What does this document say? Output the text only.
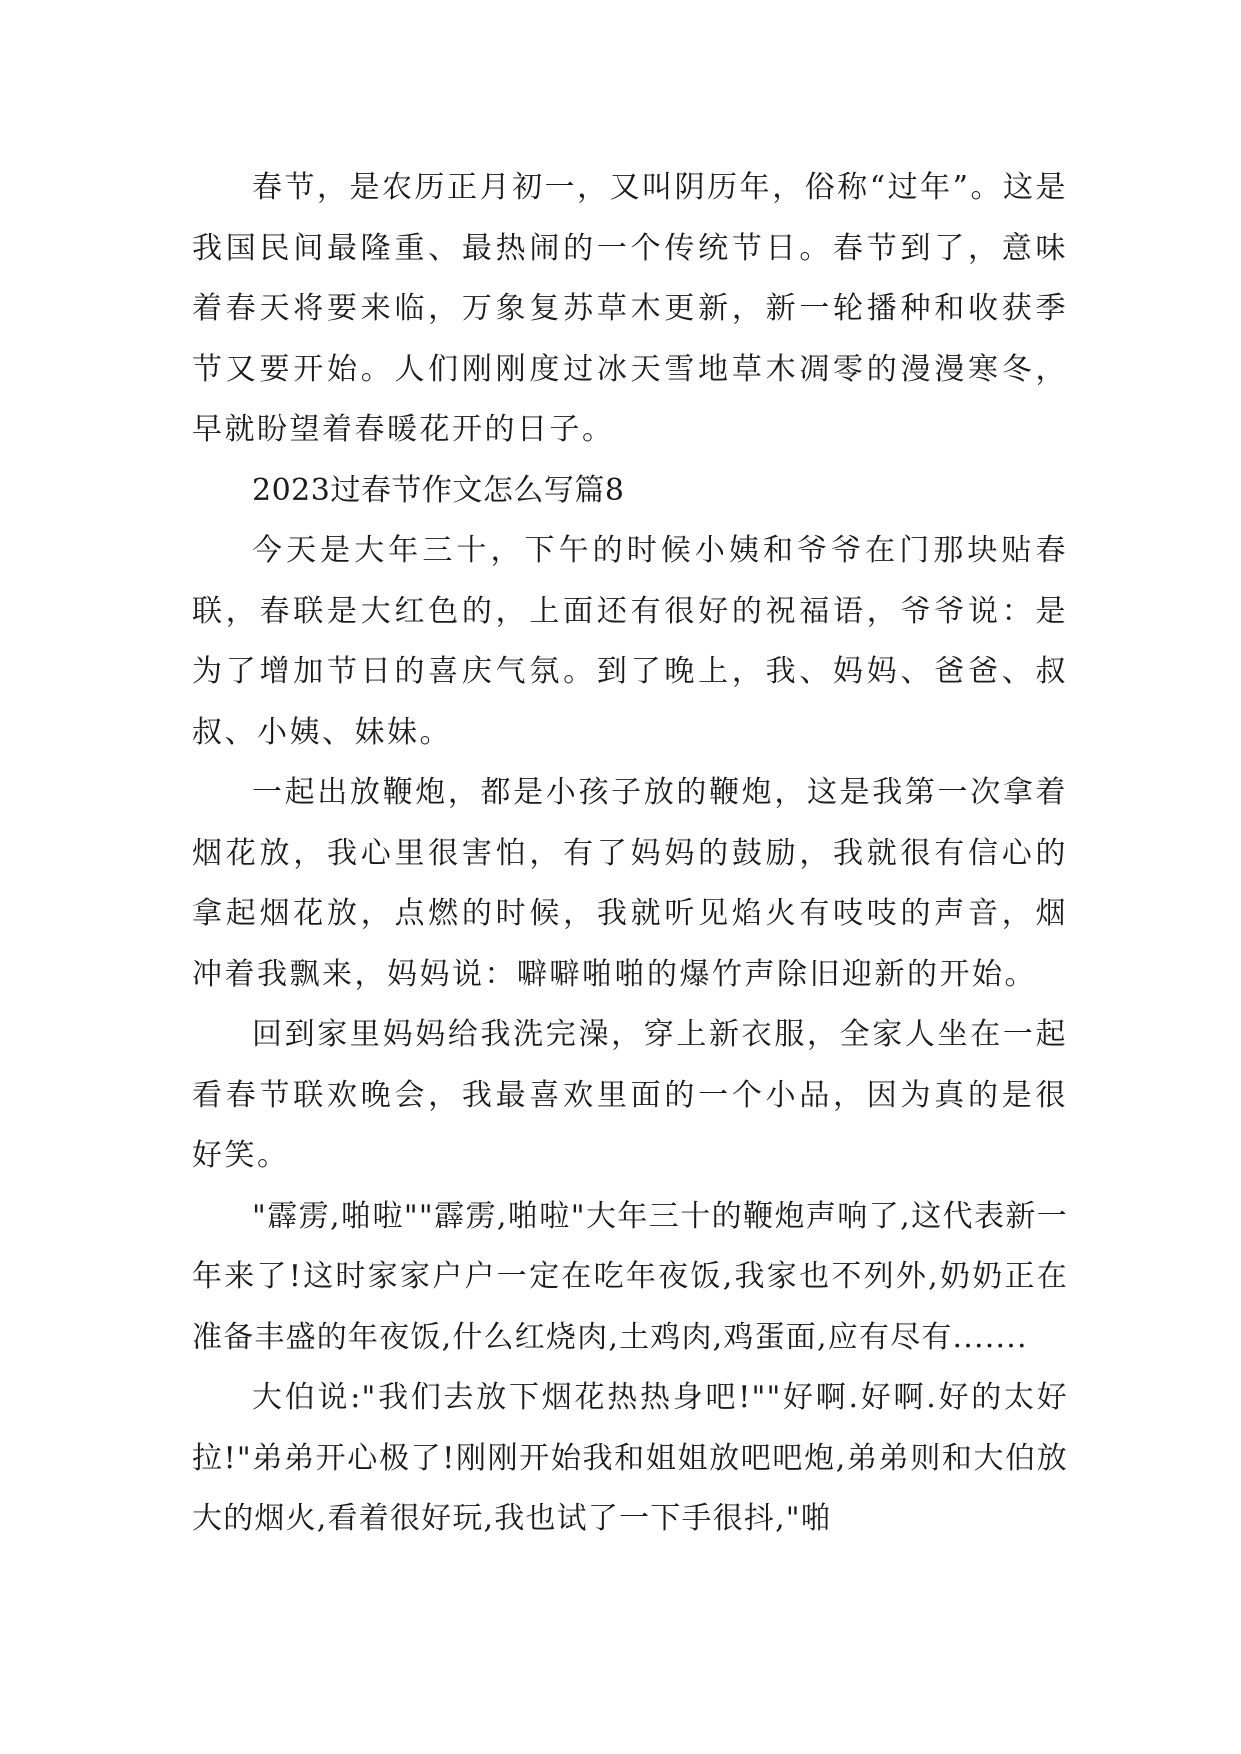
春节，是农历正月初一，又叫阴历年，俗称“过年”。这是我国民间最隆重、最热闹的一个传统节日。春节到了，意味着春天将要来临，万象复苏草木更新，新一轮播种和收获季节又要开始。人们刚刚度过冰天雪地草木凋零的漫漫寒冬，早就盼望着春暖花开的日子。

2023过春节作文怎么写篇8

今天是大年三十，下午的时候小姨和爷爷在门那块贴春联，春联是大红色的，上面还有很好的祝福语，爷爷说：是为了增加节日的喜庆气氛。到了晚上，我、妈妈、爸爸、叔叔、小姨、妹妹。

一起出放鞭炮，都是小孩子放的鞭炮，这是我第一次拿着烟花放，我心里很害怕，有了妈妈的鼓励，我就很有信心的拿起烟花放，点燃的时候，我就听见焰火有吱吱的声音，烟冲着我飘来，妈妈说：噼噼啪啪的爆竹声除旧迎新的开始。

回到家里妈妈给我洗完澡，穿上新衣服，全家人坐在一起看春节联欢晚会，我最喜欢里面的一个小品，因为真的是很好笑。

"霹雳,啪啦""霹雳,啪啦"大年三十的鞭炮声响了,这代表新一年来了!这时家家户户一定在吃年夜饭,我家也不列外,奶奶正在准备丰盛的年夜饭,什么红烧肉,土鸡肉,鸡蛋面,应有尽有.......

大伯说:"我们去放下烟花热热身吧!""好啊.好啊.好的太好拉!"弟弟开心极了!刚刚开始我和姐姐放吧吧炮,弟弟则和大伯放大的烟火,看着很好玩,我也试了一下手很抖,"啪
